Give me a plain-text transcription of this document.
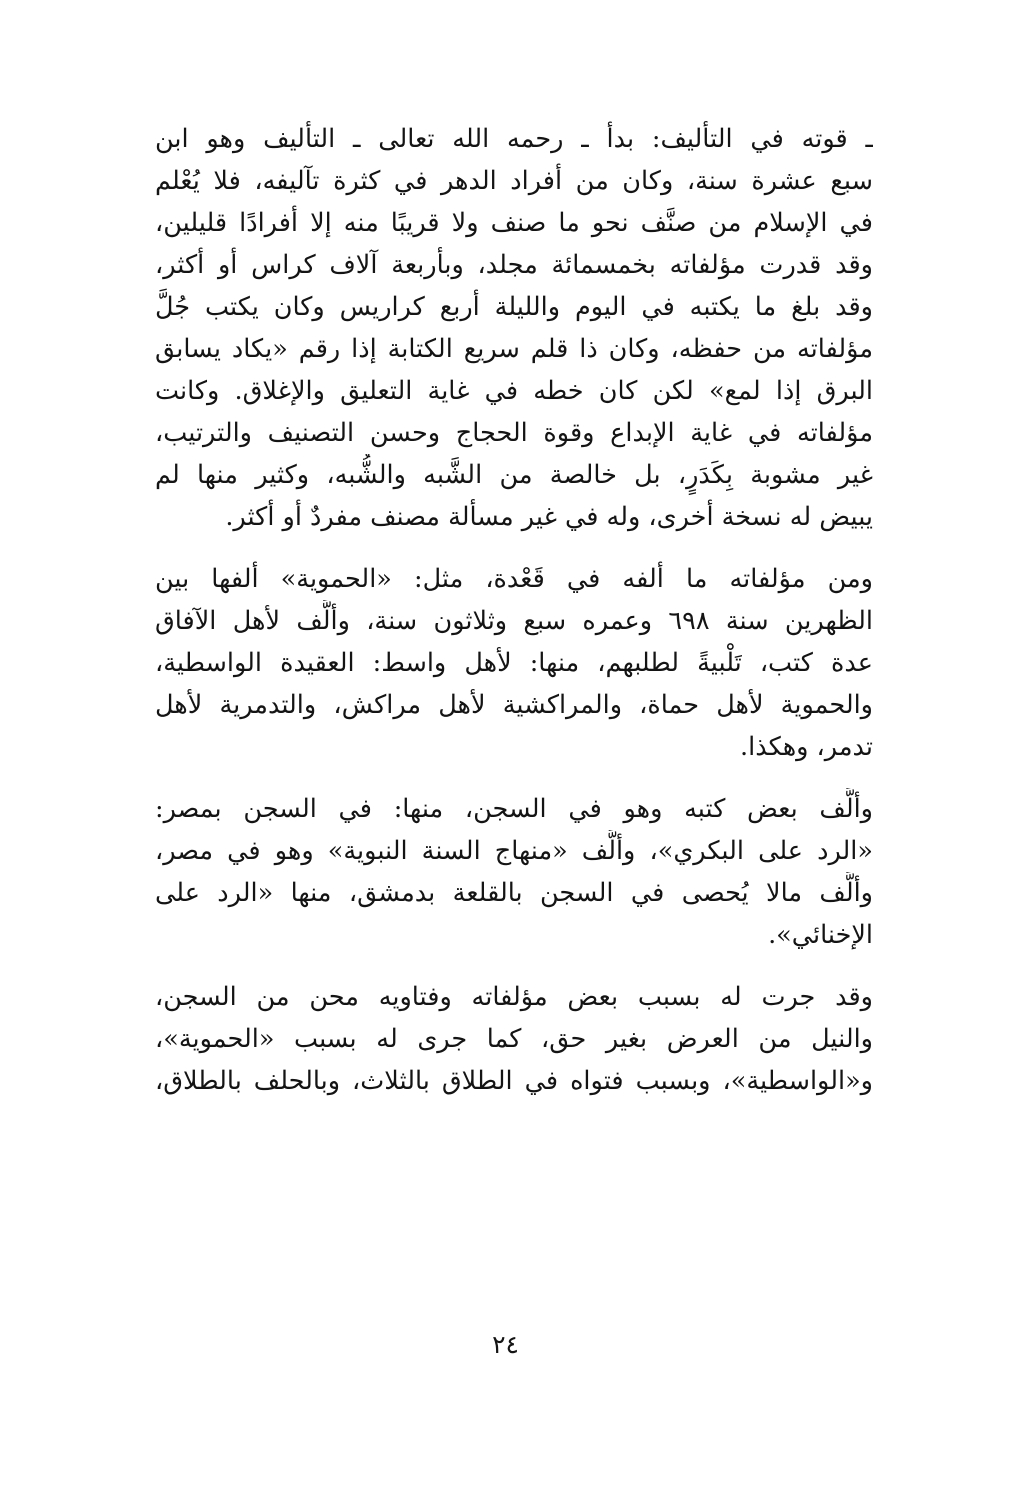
ـ قوته في التأليف: بدأ ـ رحمه الله تعالى ـ التأليف وهو ابن
سبع عشرة سنة، وكان من أفراد الدهر في كثرة تآليفه، فلا يُعْلم
في الإسلام من صنَّف نحو ما صنف ولا قريبًا منه إلا أفرادًا قليلين،
وقد قدرت مؤلفاته بخمسمائة مجلد، وبأربعة آلاف كراس أو أكثر،
وقد بلغ ما يكتبه في اليوم والليلة أربع كراريس وكان يكتب جُلَّ
مؤلفاته من حفظه، وكان ذا قلم سريع الكتابة إذا رقم «يكاد يسابق
البرق إذا لمع» لكن كان خطه في غاية التعليق والإغلاق. وكانت
مؤلفاته في غاية الإبداع وقوة الحجاج وحسن التصنيف والترتيب،
غير مشوبة بِكَدَرٍ، بل خالصة من الشَّبه والشُّبه، وكثير منها لم
يبيض له نسخة أخرى، وله في غير مسألة مصنف مفردٌ أو أكثر.
ومن مؤلفاته ما ألفه في قَعْدة، مثل: «الحموية» ألفها بين
الظهرين سنة ٦٩٨ وعمره سبع وثلاثون سنة، وألَّف لأهل الآفاق
عدة كتب، تَلْبيةً لطلبهم، منها: لأهل واسط: العقيدة الواسطية،
والحموية لأهل حماة، والمراكشية لأهل مراكش، والتدمرية لأهل
تدمر، وهكذا.
وألَّف بعض كتبه وهو في السجن، منها: في السجن بمصر:
«الرد على البكري»، وألَّف «منهاج السنة النبوية» وهو في مصر،
وألَّف مالا يُحصى في السجن بالقلعة بدمشق، منها «الرد على
الإخنائي».
وقد جرت له بسبب بعض مؤلفاته وفتاويه محن من السجن،
والنيل من العرض بغير حق، كما جرى له بسبب «الحموية»،
و«الواسطية»، وبسبب فتواه في الطلاق بالثلاث، وبالحلف بالطلاق،
٢٤
